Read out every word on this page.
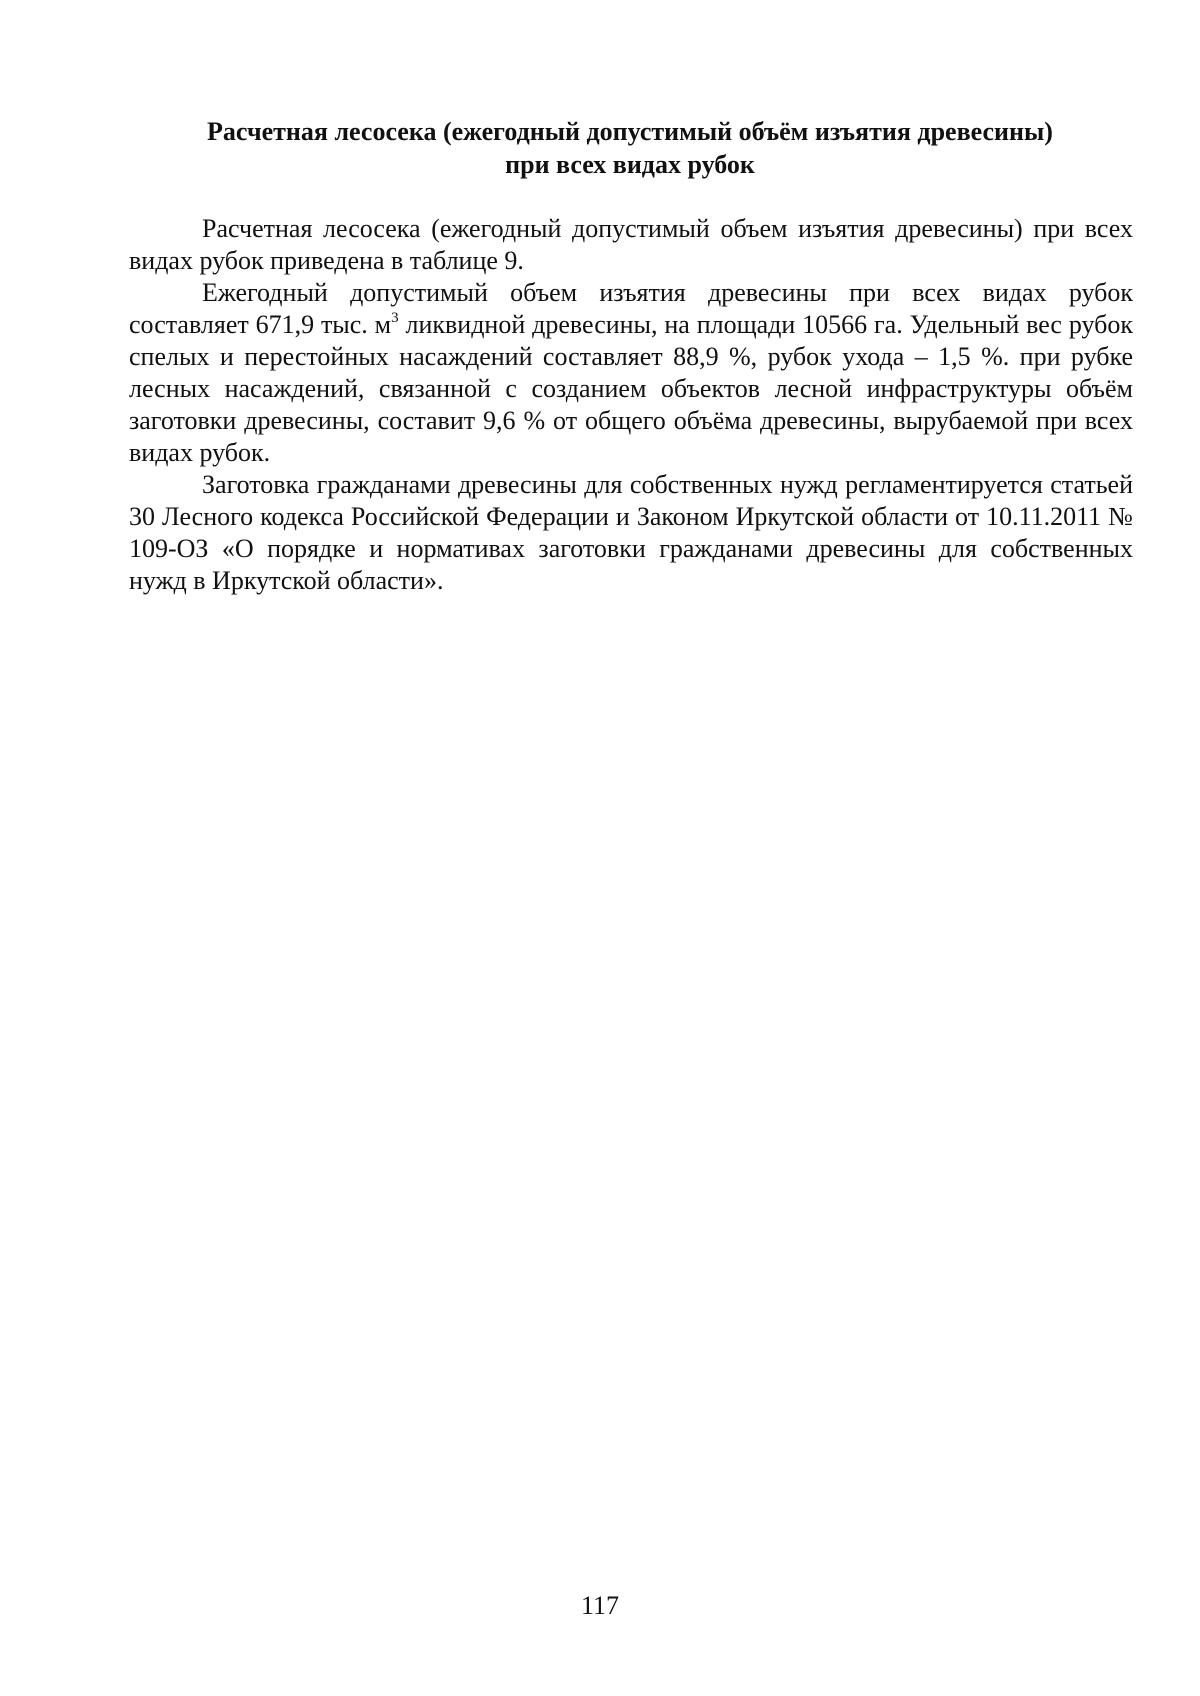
Расчетная лесосека (ежегодный допустимый объём изъятия древесины)
при всех видах рубок

Расчетная лесосека (ежегодный допустимый объем изъятия древесины) при всех видах рубок приведена в таблице 9.

Ежегодный допустимый объем изъятия древесины при всех видах рубок составляет 671,9 тыс. $м^3$ ликвидной древесины, на площади 10566 га. Удельный вес рубок спелых и перестойных насаждений составляет 88,9 %, рубок ухода – 1,5 %. при рубке лесных насаждений, связанной с созданием объектов лесной инфраструктуры объём заготовки древесины, составит 9,6 % от общего объёма древесины, вырубаемой при всех видах рубок.

Заготовка гражданами древесины для собственных нужд регламентируется статьей 30 Лесного кодекса Российской Федерации и Законом Иркутской области от 10.11.2011 № 109-ОЗ «О порядке и нормативах заготовки гражданами древесины для собственных нужд в Иркутской области».

117
